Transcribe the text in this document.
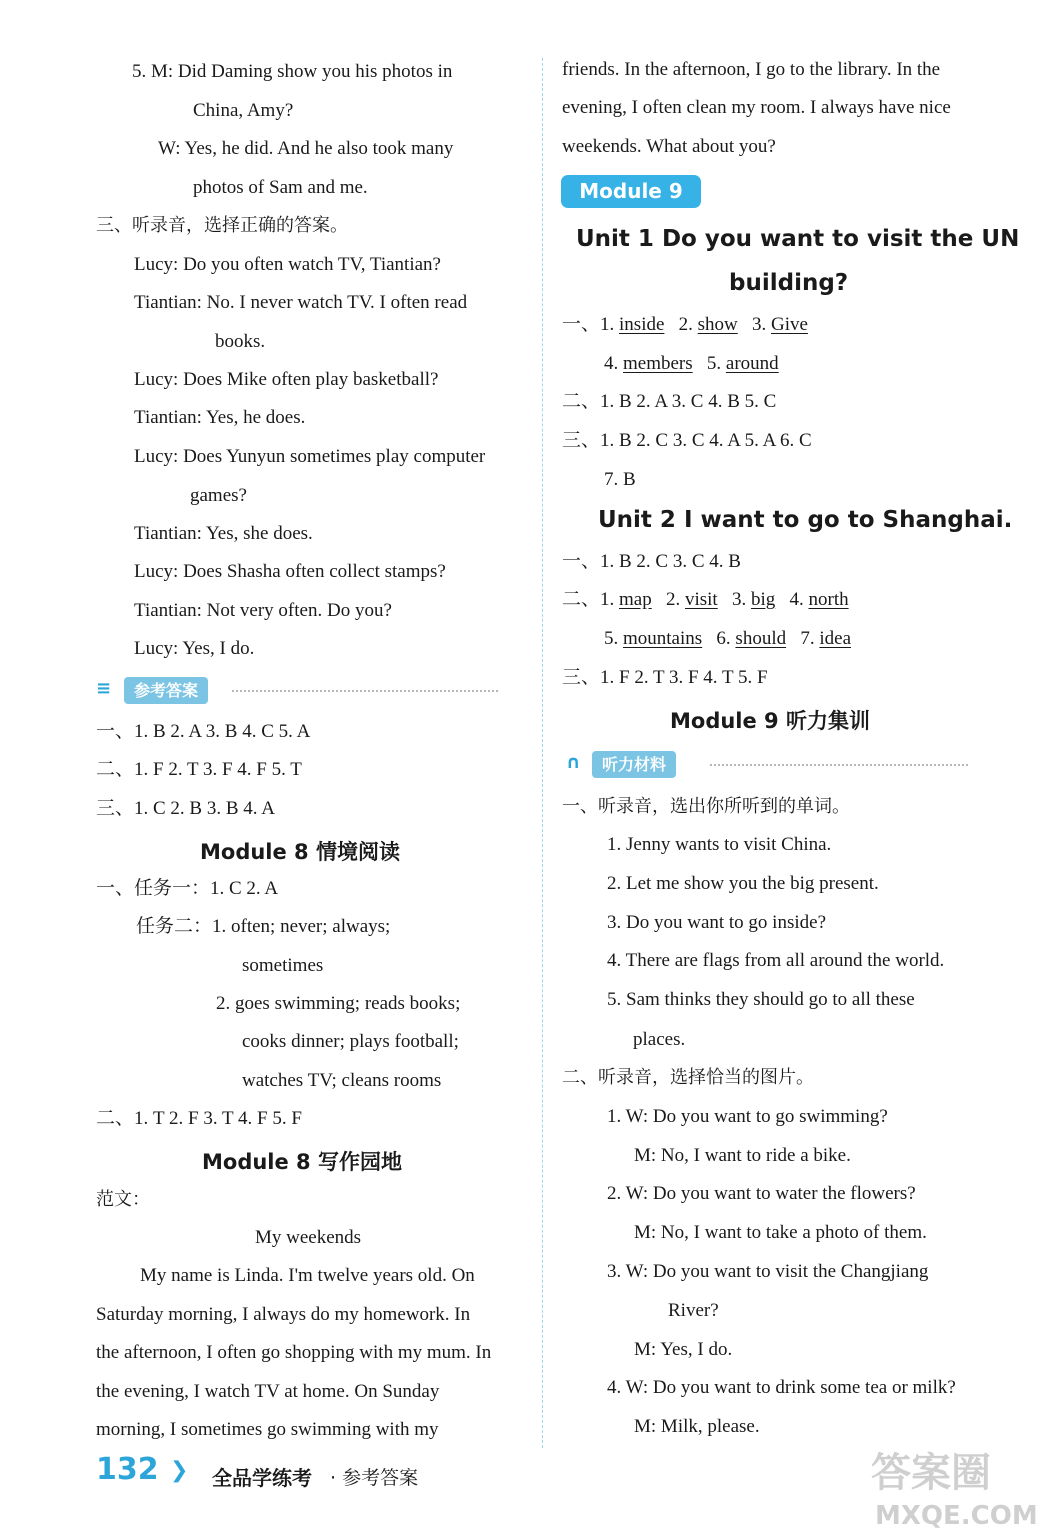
5. M: Did Daming show you his photos in
China, Amy?
W: Yes, he did. And he also took many
photos of Sam and me.
三、听录音，选择正确的答案。
Lucy: Do you often watch TV, Tiantian?
Tiantian: No. I never watch TV. I often read
books.
Lucy: Does Mike often play basketball?
Tiantian: Yes, he does.
Lucy: Does Yunyun sometimes play computer
games?
Tiantian: Yes, she does.
Lucy: Does Shasha often collect stamps?
Tiantian: Not very often. Do you?
Lucy: Yes, I do.
≡	参考答案
一、1. B 2. A 3. B 4. C 5. A
二、1. F 2. T 3. F 4. F 5. T
三、1. C 2. B 3. B 4. A
Module 8 情境阅读
一、任务一：1. C 2. A
任务二：1. often; never; always;
sometimes
2. goes swimming; reads books;
cooks dinner; plays football;
watches TV; cleans rooms
二、1. T 2. F 3. T 4. F 5. F
Module 8 写作园地
范文：
My weekends
My name is Linda. I'm twelve years old. On
Saturday morning, I always do my homework. In
the afternoon, I often go shopping with my mum. In
the evening, I watch TV at home. On Sunday
morning, I sometimes go swimming with my
friends. In the afternoon, I go to the library. In the
evening, I often clean my room. I always have nice
weekends. What about you?
Module 9
Unit 1 Do you want to visit the UN
building?
一、1. inside 2. show 3. Give
4. members 5. around
二、1. B 2. A 3. C 4. B 5. C
三、1. B 2. C 3. C 4. A 5. A 6. C
7. B
Unit 2 I want to go to Shanghai.
一、1. B 2. C 3. C 4. B
二、1. map 2. visit 3. big 4. north
5. mountains 6. should 7. idea
三、1. F 2. T 3. F 4. T 5. F
Module 9 听力集训
∩	听力材料
一、听录音，选出你所听到的单词。
1. Jenny wants to visit China.
2. Let me show you the big present.
3. Do you want to go inside?
4. There are flags from all around the world.
5. Sam thinks they should go to all these
places.
二、听录音，选择恰当的图片。
1. W: Do you want to go swimming?
M: No, I want to ride a bike.
2. W: Do you want to water the flowers?
M: No, I want to take a photo of them.
3. W: Do you want to visit the Changjiang
River?
M: Yes, I do.
4. W: Do you want to drink some tea or milk?
M: Milk, please.
132 ❯ 全品学练考 · 参考答案	答案圈
MXQE.COM
